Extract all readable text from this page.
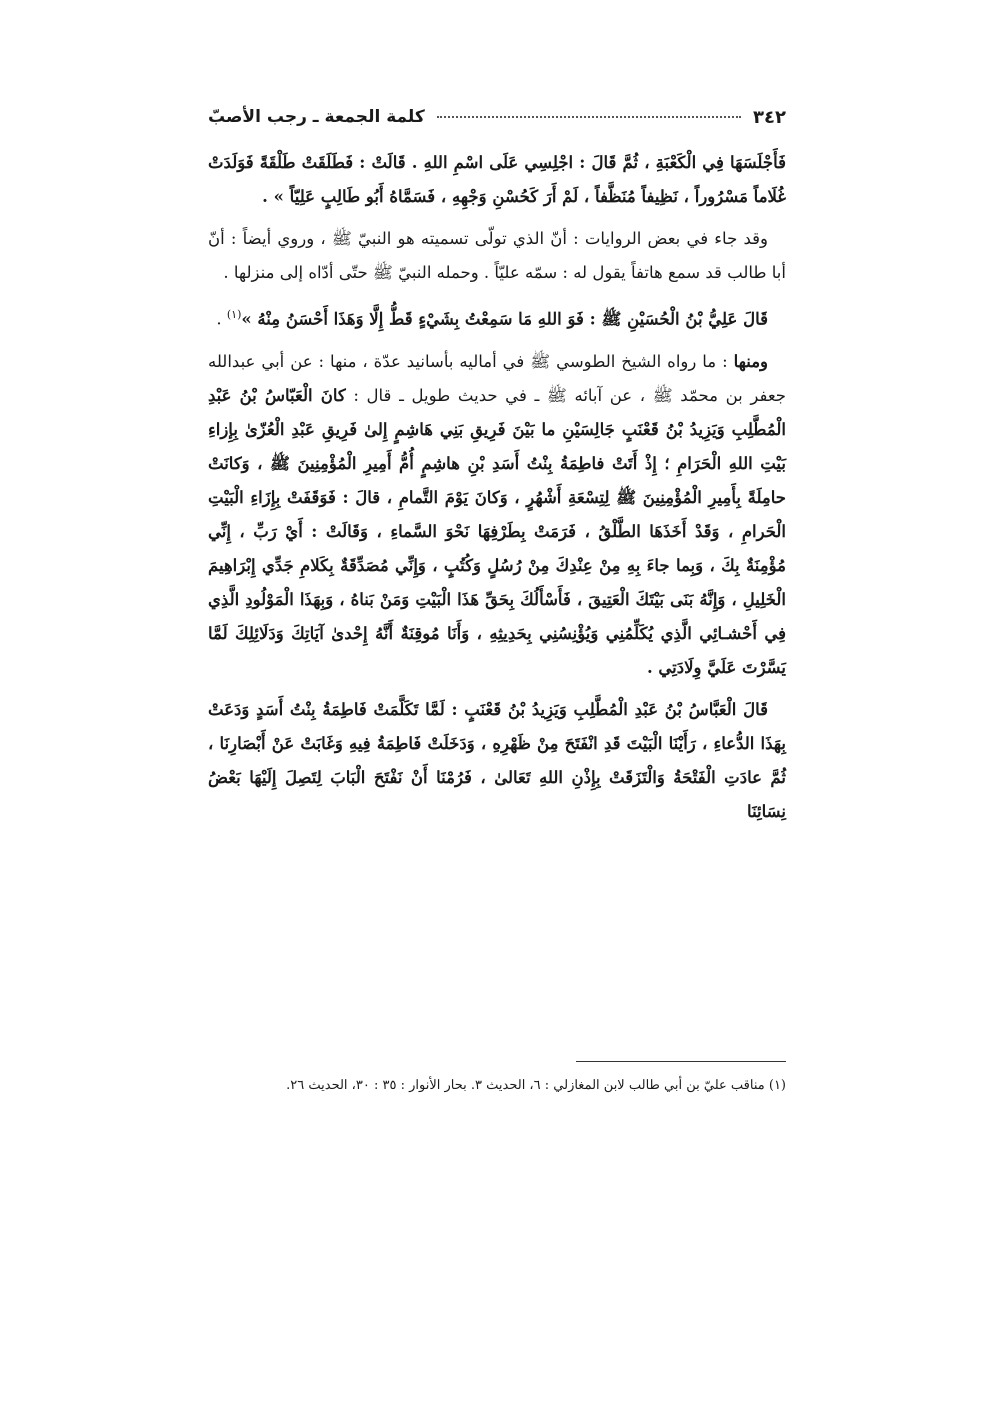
٣٤٢
كلمة الجمعة ـ رجب الأصبّ

فَأَجْلَسَهَا فِي الْكَعْبَةِ ، ثُمَّ قَالَ : اجْلِسِي عَلَى اسْمِ اللهِ . قَالَتْ : فَطَلَقَتْ طَلْقَةً فَوَلَدَتْ غُلَاماً مَسْرُوراً ، نَظِيفاً مُنَظَّفاً ، لَمْ أَرَ كَحُسْنِ وَجْهِهِ ، فَسَمَّاهُ أَبُو طَالِبٍ عَلِيّاً » .

وقد جاء في بعض الروايات : أنّ الذي تولّى تسميته هو النبيّ ﷺ ، وروي أيضاً : أنّ أبا طالب قد سمع هاتفاً يقول له : سمّه عليّاً . وحمله النبيّ ﷺ حتّى أدّاه إلى منزلها .

قَالَ عَلِيُّ بْنُ الْحُسَيْنِ ﷺ : فَوَ اللهِ مَا سَمِعْتُ بِشَيْءٍ قَطُّ إِلَّا وَهَذَا أَحْسَنُ مِنْهُ »$^{(١)}$ .

ومنها : ما رواه الشيخ الطوسي ﷺ في أماليه بأسانيد عدّة ، منها : عن أبي عبدالله جعفر بن محمّد ﷺ ، عن آبائه ﷺ ـ في حديث طويل ـ قال : كانَ الْعَبّاسُ بْنُ عَبْدِ الْمُطَّلِبِ وَيَزِيدُ بْنُ قَعْنَبٍ جَالِسَيْنِ ما بَيْنَ فَرِيقِ بَنِي هَاشِمٍ إِلىٰ فَرِيقِ عَبْدِ الْعُزّىٰ بِإِزاءِ بَيْتِ اللهِ الْحَرَامِ ؛ إِذْ أَتَتْ فاطِمَةُ بِنْتُ أَسَدِ بْنِ هاشِمٍ أُمُّ أَمِيرِ الْمُؤْمِنِينَ ﷺ ، وَكانَتْ حامِلَةً بِأَمِيرِ الْمُؤْمِنِينَ ﷺ لِتِسْعَةِ أَشْهُرٍ ، وَكانَ يَوْمَ التَّمامِ ، قالَ : فَوَقَفَتْ بِإِزَاءِ الْبَيْتِ الْحَرامِ ، وَقَدْ أَخَذَهَا الطَّلْقُ ، فَرَمَتْ بِطَرْفِهَا نَحْوَ السَّماءِ ، وَقَالَتْ : أَيْ رَبِّ ، إِنِّي مُؤْمِنَةٌ بِكَ ، وَبِما جاءَ بِهِ مِنْ عِنْدِكَ مِنْ رُسُلٍ وَكُتُبٍ ، وَإِنِّي مُصَدِّقَةٌ بِكَلامِ جَدِّي إِبْرَاهِيمَ الْخَلِيلِ ، وَإِنَّهُ بَنَى بَيْتَكَ الْعَتِيقَ ، فَأَسْأَلُكَ بِحَقِّ هَذَا الْبَيْتِ وَمَنْ بَناهُ ، وَبِهَذَا الْمَوْلُودِ الَّذِي فِي أَحْشـائِي الَّذِي يُكَلِّمُنِي وَيُؤْنِسُنِي بِحَدِيثِهِ ، وَأَنَا مُوقِنَةٌ أَنَّهُ إِحْدىٰ آيَاتِكَ وَدَلَائِلِكَ لَمَّا يَسَّرْتَ عَلَيَّ وِلَادَتِي .

قَالَ الْعَبَّاسُ بْنُ عَبْدِ الْمُطَّلِبِ وَيَزِيدُ بْنُ قَعْنَبٍ : لَمَّا تَكَلَّمَتْ فَاطِمَةُ بِنْتُ أَسَدٍ وَدَعَتْ بِهَذَا الدُّعاءِ ، رَأَيْنَا الْبَيْتَ قَدِ انْفَتَحَ مِنْ ظَهْرِهِ ، وَدَخَلَتْ فَاطِمَةُ فِيهِ وَغَابَتْ عَنْ أَبْصَارِنَا ، ثُمَّ عادَتِ الْفَتْحَةُ وَالْتَزَقَتْ بِإِذْنِ اللهِ تَعَالىٰ ، فَرُمْنَا أَنْ نَفْتَحَ الْبَابَ لِتَصِلَ إِلَيْهَا بَعْضُ نِسَائِنَا

(١) مناقب عليّ بن أبي طالب لابن المغازلي : ٦، الحديث ٣. بحار الأنوار : ٣٥ : ٣٠، الحديث ٢٦.
